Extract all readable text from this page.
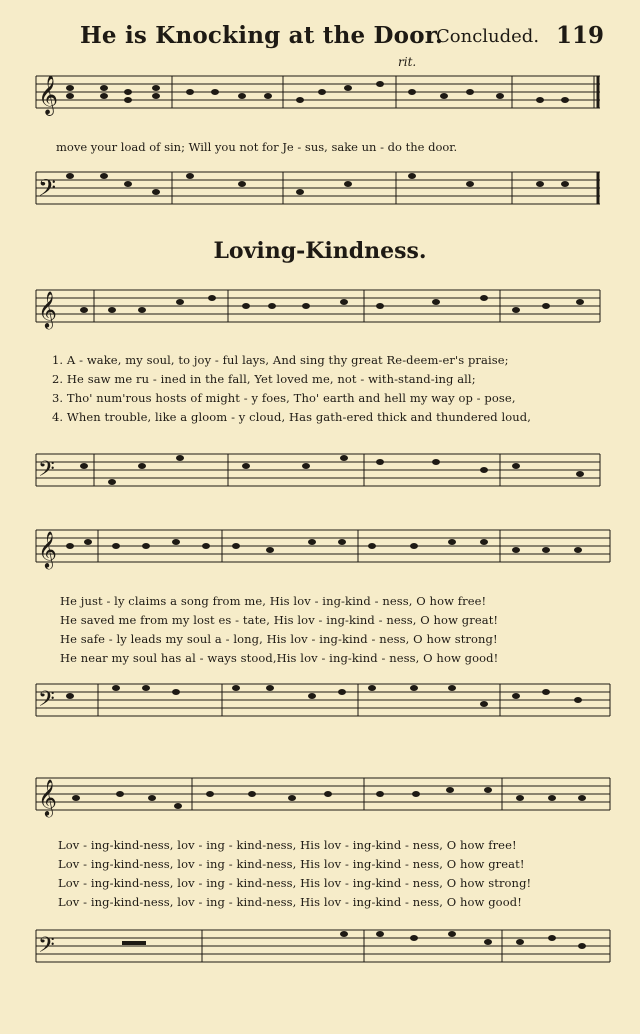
He is Knocking at the Door.
Concluded. 119
rit.
𝄞
move your load of sin; Will you not for Je - sus, sake un - do the door.
𝄢
Loving-Kindness.
𝄞
1. A - wake, my soul, to joy - ful lays, And sing thy great Re-deem-er's praise;
2. He saw me ru - ined in the fall, Yet loved me, not - with-stand-ing all;
3. Tho' num'rous hosts of might - y foes, Tho' earth and hell my way op - pose,
4. When trouble, like a gloom - y cloud, Has gath-ered thick and thundered loud,
𝄢
𝄞
He just - ly claims a song from me, His lov - ing-kind - ness, O how free!
He saved me from my lost es - tate, His lov - ing-kind - ness, O how great!
He safe - ly leads my soul a - long, His lov - ing-kind - ness, O how strong!
He near my soul has al - ways stood,His lov - ing-kind - ness, O how good!
𝄢
𝄞
Lov - ing-kind-ness, lov - ing - kind-ness, His lov - ing-kind - ness, O how free!
Lov - ing-kind-ness, lov - ing - kind-ness, His lov - ing-kind - ness, O how great!
Lov - ing-kind-ness, lov - ing - kind-ness, His lov - ing-kind - ness, O how strong!
Lov - ing-kind-ness, lov - ing - kind-ness, His lov - ing-kind - ness, O how good!
𝄢
